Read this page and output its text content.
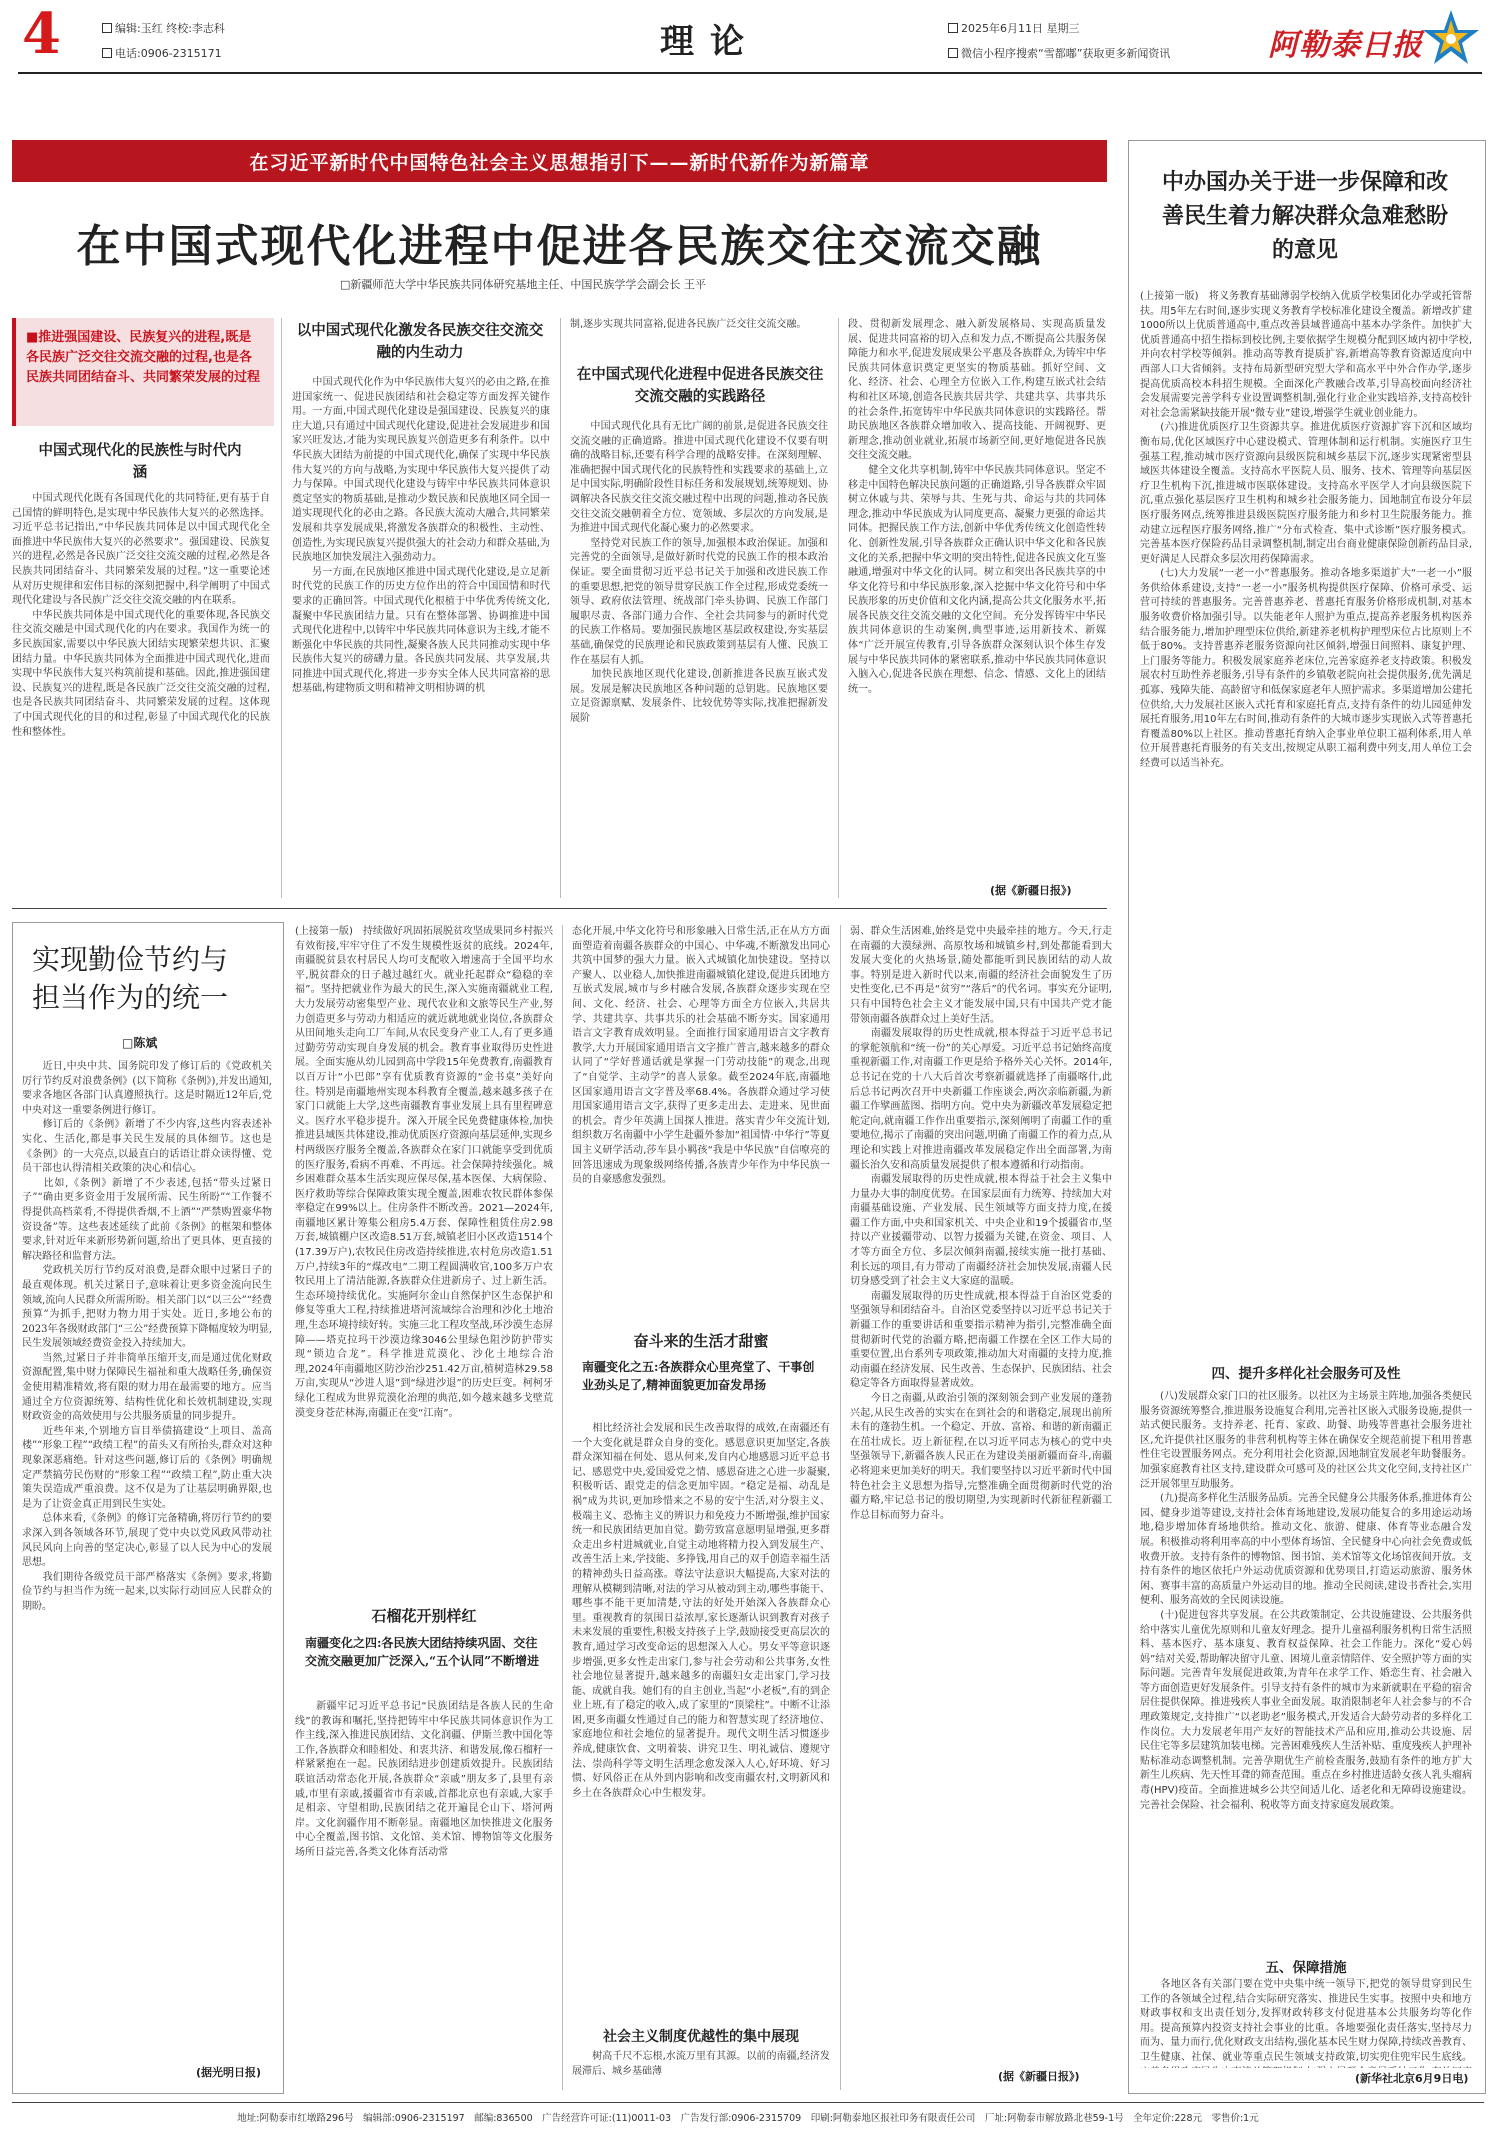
4	编辑:玉红 终校:李志科
电话:0906-2315171	理论	2025年6月11日 星期三
微信小程序搜索“雪都嘟”获取更多新闻资讯	阿勒泰日报
在习近平新时代中国特色社会主义思想指引下——新时代新作为新篇章
在中国式现代化进程中促进各民族交往交流交融
□新疆师范大学中华民族共同体研究基地主任、中国民族学学会副会长 王平
■推进强国建设、民族复兴的进程,既是各民族广泛交往交流交融的过程,也是各民族共同团结奋斗、共同繁荣发展的过程
中国式现代化的民族性与时代内涵
　　中国式现代化既有各国现代化的共同特征,更有基于自己国情的鲜明特色,是实现中华民族伟大复兴的必然选择。习近平总书记指出,“中华民族共同体是以中国式现代化全面推进中华民族伟大复兴的必然要求”。强国建设、民族复兴的进程,必然是各民族广泛交往交流交融的过程,必然是各民族共同团结奋斗、共同繁荣发展的过程。”这一重要论述从对历史规律和宏伟目标的深刻把握中,科学阐明了中国式现代化建设与各民族广泛交往交流交融的内在联系。
　　中华民族共同体是中国式现代化的重要体现,各民族交往交流交融是中国式现代化的内在要求。我国作为统一的多民族国家,需要以中华民族大团结实现繁荣想共识、汇聚团结力量。中华民族共同体为全面推进中国式现代化,进而实现中华民族伟大复兴构筑前提和基础。因此,推进强国建设、民族复兴的进程,既是各民族广泛交往交流交融的过程,也是各民族共同团结奋斗、共同繁荣发展的过程。这体现了中国式现代化的目的和过程,彰显了中国式现代化的民族性和整体性。
以中国式现代化激发各民族交往交流交融的内生动力
　　中国式现代化作为中华民族伟大复兴的必由之路,在推进国家统一、促进民族团结和社会稳定等方面发挥关键作用。一方面,中国式现代化建设是强国建设、民族复兴的康庄大道,只有通过中国式现代化建设,促进社会发展进步和国家兴旺发达,才能为实现民族复兴创造更多有利条件。以中华民族大团结为前提的中国式现代化,确保了实现中华民族伟大复兴的方向与战略,为实现中华民族伟大复兴提供了动力与保障。中国式现代化建设与铸牢中华民族共同体意识奠定坚实的物质基础,是推动少数民族和民族地区同全国一道实现现代化的必由之路。各民族大流动大融合,共同繁荣发展和共享发展成果,将激发各族群众的积极性、主动性、创造性,为实现民族复兴提供强大的社会动力和群众基础,为民族地区加快发展注入强劲动力。
　　另一方面,在民族地区推进中国式现代化建设,是立足新时代党的民族工作的历史方位作出的符合中国国情和时代要求的正确回答。中国式现代化根植于中华优秀传统文化,凝聚中华民族团结力量。只有在整体部署、协调推进中国式现代化进程中,以铸牢中华民族共同体意识为主线,才能不断强化中华民族的共同性,凝聚各族人民共同推动实现中华民族伟大复兴的磅礴力量。各民族共同发展、共享发展,共同推进中国式现代化,将进一步夯实全体人民共同富裕的思想基础,构建物质文明和精神文明相协调的机
制,逐步实现共同富裕,促进各民族广泛交往交流交融。
在中国式现代化进程中促进各民族交往交流交融的实践路径
　　中国式现代化具有无比广阔的前景,是促进各民族交往交流交融的正确道路。推进中国式现代化建设不仅要有明确的战略目标,还要有科学合理的战略安排。在深刻理解、准确把握中国式现代化的民族特性和实践要求的基础上,立足中国实际,明确阶段性目标任务和发展规划,统筹规划、协调解决各民族交往交流交融过程中出现的问题,推动各民族交往交流交融朝着全方位、宽领域、多层次的方向发展,是为推进中国式现代化凝心聚力的必然要求。
　　坚持党对民族工作的领导,加强根本政治保证。加强和完善党的全面领导,是做好新时代党的民族工作的根本政治保证。要全面贯彻习近平总书记关于加强和改进民族工作的重要思想,把党的领导贯穿民族工作全过程,形成党委统一领导、政府依法管理、统战部门牵头协调、民族工作部门履职尽责、各部门通力合作、全社会共同参与的新时代党的民族工作格局。要加强民族地区基层政权建设,夯实基层基础,确保党的民族理论和民族政策到基层有人懂、民族工作在基层有人抓。
　　加快民族地区现代化建设,创新推进各民族互嵌式发展。发展是解决民族地区各种问题的总钥匙。民族地区要立足资源禀赋、发展条件、比较优势等实际,找准把握新发展阶
段、贯彻新发展理念、融入新发展格局、实现高质量发展、促进共同富裕的切入点和发力点,不断提高公共服务保障能力和水平,促进发展成果公平惠及各族群众,为铸牢中华民族共同体意识奠定更坚实的物质基础。抓好空间、文化、经济、社会、心理全方位嵌入工作,构建互嵌式社会结构和社区环境,创造各民族共居共学、共建共享、共事共乐的社会条件,拓宽铸牢中华民族共同体意识的实践路径。帮助民族地区各族群众增加收入、提高技能、开阔视野、更新理念,推动创业就业,拓展市场新空间,更好地促进各民族交往交流交融。
　　健全文化共享机制,铸牢中华民族共同体意识。坚定不移走中国特色解决民族问题的正确道路,引导各族群众牢固树立休戚与共、荣辱与共、生死与共、命运与共的共同体理念,推动中华民族成为认同度更高、凝聚力更强的命运共同体。把握民族工作方法,创新中华优秀传统文化创造性转化、创新性发展,引导各族群众正确认识中华文化和各民族文化的关系,把握中华文明的突出特性,促进各民族文化互鉴融通,增强对中华文化的认同。树立和突出各民族共享的中华文化符号和中华民族形象,深入挖掘中华文化符号和中华民族形象的历史价值和文化内涵,提高公共文化服务水平,拓展各民族交往交流交融的文化空间。充分发挥铸牢中华民族共同体意识的生动案例,典型事迹,运用新技术、新媒体“广泛开展宣传教育,引导各族群众深刻认识个体生存发展与中华民族共同体的紧密联系,推动中华民族共同体意识入脑入心,促进各民族在理想、信念、情感、文化上的团结统一。
(据《新疆日报》)
中办国办关于进一步保障和改善民生着力解决群众急难愁盼的意见
(上接第一版)　将义务教育基础薄弱学校纳入优质学校集团化办学或托管帮扶。用5年左右时间,逐步实现义务教育学校标准化建设全覆盖。新增改扩建1000所以上优质普通高中,重点改善县域普通高中基本办学条件。加快扩大优质普通高中招生指标到校比例,主要依据学生规模分配到区域内初中学校,并向农村学校等倾斜。推动高等教育提质扩容,新增高等教育资源适度向中西部人口大省倾斜。支持布局新型研究型大学和高水平中外合作办学,逐步提高优质高校本科招生规模。全面深化产教融合改革,引导高校面向经济社会发展需要完善学科专业设置调整机制,强化行业企业实践培养,支持高校针对社会急需紧缺技能开展“微专业”建设,增强学生就业创业能力。
　　(六)推进优质医疗卫生资源共享。推进优质医疗资源扩容下沉和区域均衡布局,优化区域医疗中心建设模式、管理体制和运行机制。实施医疗卫生强基工程,推动城市医疗资源向县级医院和城乡基层下沉,逐步实现紧密型县域医共体建设全覆盖。支持高水平医院人员、服务、技术、管理等向基层医疗卫生机构下沉,推进城市医联体建设。支持高水平医学人才向县级医院下沉,重点强化基层医疗卫生机构和城乡社会服务能力、国地制宜布设分年层医疗服务网点,统筹推进县级医院医疗服务能力和乡村卫生院服务能力。推动建立远程医疗服务网络,推广“分布式检查、集中式诊断”医疗服务模式。完善基本医疗保险药品目录调整机制,制定出台商业健康保险创新药品目录,更好满足人民群众多层次用药保障需求。
　　(七)大力发展“一老一小”普惠服务。推动各地多渠道扩大“一老一小”服务供给体系建设,支持“一老一小”服务机构提供医疗保障、价格可承受、运营可持续的普惠服务。完善普惠养老、普惠托育服务价格形成机制,对基本服务收费价格加强引导。以失能老年人照护为重点,提高养老服务机构医养结合服务能力,增加护理型床位供给,新建养老机构护理型床位占比原则上不低于80%。支持普惠养老服务资源向社区倾斜,增强日间照料、康复护理、上门服务等能力。积极发展家庭养老床位,完善家庭养老支持政策。积极发展农村互助性养老服务,引导有条件的乡镇敬老院向社会提供服务,优先满足孤寡、残障失能、高龄留守和低保家庭老年人照护需求。多渠道增加公建托位供给,大力发展社区嵌入式托育和家庭托育点,支持有条件的幼儿园延伸发展托育服务,用10年左右时间,推动有条件的大城市逐步实现嵌入式等普惠托育覆盖80%以上社区。推动普惠托育纳入企事业单位职工福利体系,用人单位开展普惠托育服务的有关支出,按规定从职工福利费中列支,用人单位工会经费可以适当补充。
四、提升多样化社会服务可及性
　　(八)发展群众家门口的社区服务。以社区为主场景主阵地,加强各类便民服务资源统筹整合,推进服务设施复合利用,完善社区嵌入式服务设施,提供一站式便民服务。支持养老、托育、家政、助餐、助残等普惠社会服务进社区,允许提供社区服务的非营利机构等主体在确保安全规范前提下租用普惠性住宅设置服务网点。充分利用社会化资源,因地制宜发展老年助餐服务。加强家庭教育社区支持,建设群众可感可及的社区公共文化空间,支持社区广泛开展邻里互助服务。
　　(九)提高多样化生活服务品质。完善全民健身公共服务体系,推进体育公园、健身步道等建设,支持社会体育场地建设,发展功能复合的多用途运动场地,稳步增加体育场地供给。推动文化、旅游、健康、体育等业态融合发展。积极推动将利用率高的中小型体育场馆、全民健身中心向社会免费或低收费开放。支持有条件的博物馆、图书馆、美术馆等文化场馆夜间开放。支持有条件的地区依托户外运动优质资源和优势项目,打造运动旅游、服务休闲、赛事丰富的高质量户外运动目的地。推动全民阅读,建设书香社会,实用便利、服务高效的全民阅读设施。
　　(十)促进包容共享发展。在公共政策制定、公共设施建设、公共服务供给中落实儿童优先原则和儿童友好理念。提升儿童福利服务机构日常生活照料、基本医疗、基本康复、教育权益保障、社会工作能力。深化“爱心妈妈”结对关爱,帮助解决留守儿童、困境儿童亲情陪伴、安全照护等方面的实际问题。完善青年发展促进政策,为青年在求学工作、婚恋生育、社会融入等方面创造更好发展条件。引导支持有条件的城市为来新就职在平稳的宿舍居住提供保障。推进残疾人事业全面发展。取消限制老年人社会参与的不合理政策规定,支持推广“以老助老”服务模式,开发适合大龄劳动者的多样化工作岗位。大力发展老年用产友好的智能技术产品和应用,推动公共设施、居民住宅等多层建筑加装电梯。完善困难残疾人生活补贴、重度残疾人护理补贴标准动态调整机制。完善孕期优生产前检查服务,鼓励有条件的地方扩大新生儿疾病、先天性耳聋的筛查范围。重点在乡村推进适龄女孩人乳头瘤病毒(HPV)疫苗。全面推进城乡公共空间适儿化、适老化和无障碍设施建设。完善社会保险、社会福利、税收等方面支持家庭发展政策。
五、保障措施
(新华社北京6月9日电)
实现勤俭节约与
担当作为的统一
□陈斌
　　近日,中央中共、国务院印发了修订后的《党政机关厉行节约反对浪费条例》(以下简称《条例》),并发出通知,要求各地区各部门认真遵照执行。这是时隔近12年后,党中央对这一重要条例进行修订。
　　修订后的《条例》新增了不少内容,这些内容表述补实化、生活化,都是事关民生发展的具体细节。这也是《条例》的一大亮点,以最直白的话语让群众读得懂、党员干部也认得清相关政策的决心和信心。
　　比如,《条例》新增了不少表述,包括“带头过紧日子”“确由更多资金用于发展所需、民生所盼”“工作餐不得提供高档菜肴,不得提供香烟,不上酒”“严禁购置豪华物资设备”等。这些表述延续了此前《条例》的框架和整体要求,针对近年来新形势新问题,给出了更具体、更直接的解决路径和监督方法。
　　党政机关厉行节约反对浪费,是群众眼中过紧日子的最直观体现。机关过紧日子,意味着让更多资金流向民生领域,流向人民群众所需所盼。相关部门以“以三公”“经费预算”为抓手,把财力物力用于实处。近日,多地公布的2023年各级财政部门“三公”经费预算下降幅度较为明显,民生发展领域经费资金投入持续加大。
　　当然,过紧日子并非简单压缩开支,而是通过优化财政资源配置,集中财力保障民生福祉和重大战略任务,确保资金使用精准精效,将有限的财力用在最需要的地方。应当通过全方位资源统筹、结构性优化和长效机制建设,实现财政资金的高效使用与公共服务质量的同步提升。
　　近些年来,个别地方盲目举债搞建设“上项目、盖高楼”“形象工程”“政绩工程”的苗头又有所抬头,群众对这种现象深恶痛绝。针对这些问题,修订后的《条例》明确规定严禁搞劳民伤财的“形象工程”“政绩工程”,防止重大决策失误造成严重浪费。这不仅是为了让基层明确界限,也是为了让资金真正用到民生实处。
　　总体来看,《条例》的修订完备精确,将厉行节约的要求深入到各领域各环节,展现了党中央以党风政风带动社风民风向上向善的坚定决心,彰显了以人民为中心的发展思想。
　　我们期待各级党员干部严格落实《条例》要求,将勤俭节约与担当作为统一起来,以实际行动回应人民群众的期盼。
(据光明日报)
(上接第一版)　持续做好巩固拓展脱贫攻坚成果同乡村振兴有效衔接,牢牢守住了不发生规模性返贫的底线。2024年,南疆脱贫县农村居民人均可支配收入增速高于全国平均水平,脱贫群众的日子越过越红火。就业托起群众“稳稳的幸福”。坚持把就业作为最大的民生,深入实施南疆就业工程,大力发展劳动密集型产业、现代农业和文旅等民生产业,努力创造更多与劳动力相适应的就近就地就业岗位,各族群众从田间地头走向工厂车间,从农民变身产业工人,有了更多通过勤劳劳动实现自身发展的机会。教育事业取得历史性进展。全面实施从幼儿园到高中学段15年免费教育,南疆教育以百万计“小巴郎”享有优质教育资源的“金书桌”美好向往。特别是南疆地州实现本科教育全覆盖,越来越多孩子在家门口就能上大学,这些南疆教育事业发展上具有里程碑意义。医疗水平稳步提升。深入开展全民免费健康体检,加快推进县域医共体建设,推动优质医疗资源向基层延伸,实现乡村两级医疗服务全覆盖,各族群众在家门口就能享受到优质的医疗服务,看病不再难、不再远。社会保障持续强化。城乡困难群众基本生活实现应保尽保,基本医保、大病保险、医疗救助等综合保障政策实现全覆盖,困难农牧民群体参保率稳定在99%以上。住房条件不断改善。2021—2024年,南疆地区累计筹集公租房5.4万套、保障性租赁住房2.98万套,城镇棚户区改造8.51万套,城镇老旧小区改造1514个(17.39万户),农牧民住房改造持续推进,农村危房改造1.51万户,持续3年的“煤改电”二期工程圆满收官,100多万户农牧民用上了清洁能源,各族群众住进新房子、过上新生活。生态环境持续优化。实施阿尔金山自然保护区生态保护和修复等重大工程,持续推进塔河流域综合治理和沙化土地治理,生态环境持续好转。实施三北工程攻坚战,环沙漠生态屏障——塔克拉玛干沙漠边缘3046公里绿色阻沙防护带实现“锁边合龙”。科学推进荒漠化、沙化土地综合治理,2024年南疆地区防沙治沙251.42万亩,植树造林29.58万亩,实现从“沙进人退”到“绿进沙退”的历史巨变。柯柯牙绿化工程成为世界荒漠化治理的典范,如今越来越多戈壁荒漠变身苍茫林海,南疆正在变“江南”。
石榴花开别样红
南疆变化之四:各民族大团结持续巩固、交往交流交融更加广泛深入,“五个认同”不断增进
　　新疆牢记习近平总书记“民族团结是各族人民的生命线”的教诲和嘱托,坚持把铸牢中华民族共同体意识作为工作主线,深入推进民族团结、文化润疆、伊斯兰教中国化等工作,各族群众和睦相处、和衷共济、和谐发展,像石榴籽一样紧紧抱在一起。民族团结进步创建质效提升。民族团结联谊活动常态化开展,各族群众“亲戚”朋友多了,县里有亲戚,市里有亲戚,援疆省市有亲戚,首都北京也有亲戚,大家手足相亲、守望相助,民族团结之花开遍昆仑山下、塔河两岸。文化润疆作用不断彰显。南疆地区加快推进文化服务中心全覆盖,图书馆、文化馆、美术馆、博物馆等文化服务场所日益完善,各类文化体育活动常
态化开展,中华文化符号和形象融入日常生活,正在从方方面面塑造着南疆各族群众的中国心、中华魂,不断激发出同心共筑中国梦的强大力量。嵌入式城镇化加快建设。坚持以产聚人、以业稳人,加快推进南疆城镇化建设,促进兵团地方互嵌式发展,城市与乡村融合发展,各族群众逐步实现在空间、文化、经济、社会、心理等方面全方位嵌入,共居共学、共建共享、共事共乐的社会基础不断夯实。国家通用语言文字教育成效明显。全面推行国家通用语言文字教育教学,大力开展国家通用语言文字推广普言,越来越多的群众认同了“学好普通话就是掌握一门劳动技能”的观念,出现了“自觉学、主动学”的喜人景象。截至2024年底,南疆地区国家通用语言文字普及率68.4%。各族群众通过学习使用国家通用语言文字,获得了更多走出去、走进来、见世面的机会。青少年英满上国探人推进。落实青少年交流计划,组织数万名南疆中小学生赴疆外参加“祖国情·中华行”等夏国主义研学活动,莎车县小羁孩“我是中华民族”自信嘹亮的回答迅速成为现象级网络传播,各族青少年作为中华民族一员的自豪感愈发强烈。
奋斗来的生活才甜蜜
南疆变化之五:各族群众心里亮堂了、干事创业劲头足了,精神面貌更加奋发昂扬
　　相比经济社会发展和民生改善取得的成效,在南疆还有一个大变化就是群众自身的变化。感恩意识更加坚定,各族群众深知福在何处、恩从何来,发自内心地感恩习近平总书记、感恩党中央,爱国爱党之情、感恩奋进之心进一步凝聚,积极听话、跟党走的信念更加牢固。“稳定是福、动乱是祸”成为共识,更加珍惜来之不易的安宁生活,对分裂主义、极端主义、恐怖主义的辨识力和免疫力不断增强,维护国家统一和民族团结更加自觉。勤劳致富意愿明显增强,更多群众走出乡村进城就业,自觉主动地将精力投入到发展生产、改善生活上来,学技能、多挣钱,用自己的双手创造幸福生活的精神劲头日益高涨。尊法守法意识大幅提高,大家对法的理解从模糊到清晰,对法的学习从被动到主动,哪些事能干、哪些事不能干更加清楚,守法的好处开始深入各族群众心里。重视教育的氛围日益浓厚,家长逐渐认识到教育对孩子未来发展的重要性,积极支持孩子上学,鼓励接受更高层次的教育,通过学习改变命运的思想深入人心。男女平等意识逐步增强,更多女性走出家门,参与社会劳动和公共事务,女性社会地位显著提升,越来越多的南疆妇女走出家门,学习技能、成就自我。她们有的自主创业,当起“小老板”,有的到企业上班,有了稳定的收入,成了家里的“顶梁柱”。中断不让添困,更多南疆女性通过自己的能力和智慧实现了经济地位、家庭地位和社会地位的显著提升。现代文明生活习惯逐步养成,健康饮食、文明着装、讲究卫生、明礼诚信、遵规守法、崇尚科学等文明生活理念愈发深入人心,好环境、好习惯、好风俗正在从外到内影响和改变南疆农村,文明新风和乡土在各族群众心中生根发芽。
社会主义制度优越性的集中展现
　　树高千尺不忘根,水流万里有其源。以前的南疆,经济发展滞后、城乡基础薄
弱、群众生活困难,始终是党中央最牵挂的地方。今天,行走在南疆的大漠绿洲、高原牧场和城镇乡村,到处都能看到大发展大变化的火热场景,随处都能听到民族团结的动人故事。特别是进入新时代以来,南疆的经济社会面貌发生了历史性变化,已不再是“贫穷”“落后”的代名词。事实充分证明,只有中国特色社会主义才能发展中国,只有中国共产党才能带领南疆各族群众过上美好生活。
　　南疆发展取得的历史性成就,根本得益于习近平总书记的掌舵领航和“统一份”的关心厚爱。习近平总书记始终高度重视新疆工作,对南疆工作更是给予格外关心关怀。2014年,总书记在党的十八大后首次考察新疆就选择了南疆喀什,此后总书记两次召开中央新疆工作座谈会,两次亲临新疆,为新疆工作擘画蓝图、指明方向。党中央为新疆改革发展稳定把舵定向,就南疆工作作出重要指示,深刻阐明了南疆工作的重要地位,揭示了南疆的突出问题,明确了南疆工作的着力点,从理论和实践上对推进南疆改革发展稳定作出全面部署,为南疆长治久安和高质量发展提供了根本遵循和行动指南。
　　南疆发展取得的历史性成就,根本得益于社会主义集中力量办大事的制度优势。在国家层面有力统筹、持续加大对南疆基础设施、产业发展、民生领域等方面支持力度,在援疆工作方面,中央和国家机关、中央企业和19个援疆省市,坚持以产业援疆带动、以智力援疆为关键,在资金、项目、人才等方面全方位、多层次倾斜南疆,接续实施一批打基础、利长远的项目,有力带动了南疆经济社会加快发展,南疆人民切身感受到了社会主义大家庭的温暖。
　　南疆发展取得的历史性成就,根本得益于自治区党委的坚强领导和团结奋斗。自治区党委坚持以习近平总书记关于新疆工作的重要讲话和重要指示精神为指引,完整准确全面贯彻新时代党的治疆方略,把南疆工作摆在全区工作大局的重要位置,出台系列专项政策,推动加大对南疆的支持力度,推动南疆在经济发展、民生改善、生态保护、民族团结、社会稳定等各方面取得显著成效。
　　今日之南疆,从政治引领的深刻领会到产业发展的蓬勃兴起,从民生改善的实实在在到社会的和谐稳定,展现出前所未有的蓬勃生机。一个稳定、开放、富裕、和谐的新南疆正在茁壮成长。迈上新征程,在以习近平同志为核心的党中央坚强领导下,新疆各族人民正在为建设美丽新疆而奋斗,南疆必将迎来更加美好的明天。我们要坚持以习近平新时代中国特色社会主义思想为指导,完整准确全面贯彻新时代党的治疆方略,牢记总书记的殷切期望,为实现新时代新征程新疆工作总目标而努力奋斗。
(据《新疆日报》)
地址:阿勒泰市红墩路296号　编辑部:0906-2315197　邮编:836500　广告经营许可证:(11)0011-03　广告发行部:0906-2315709　印刷:阿勒泰地区报社印务有限责任公司　厂址:阿勒泰市解放路北巷59-1号　全年定价:228元　零售价:1元
　　各地区各有关部门要在党中央集中统一领导下,把党的领导贯穿到民生工作的各领域全过程,结合实际研究落实、推进民生实事。按照中央和地方财政事权和支出责任划分,发挥财政转移支付促进基本公共服务均等化作用。提高预算内投资支持社会事业的比重。各地要强化责任落实,坚持尽力而为、量力而行,优化财政支出结构,强化基本民生财力保障,持续改善教育、卫生健康、社保、就业等重点民生领域支持政策,切实兜住兜牢民生底线。
